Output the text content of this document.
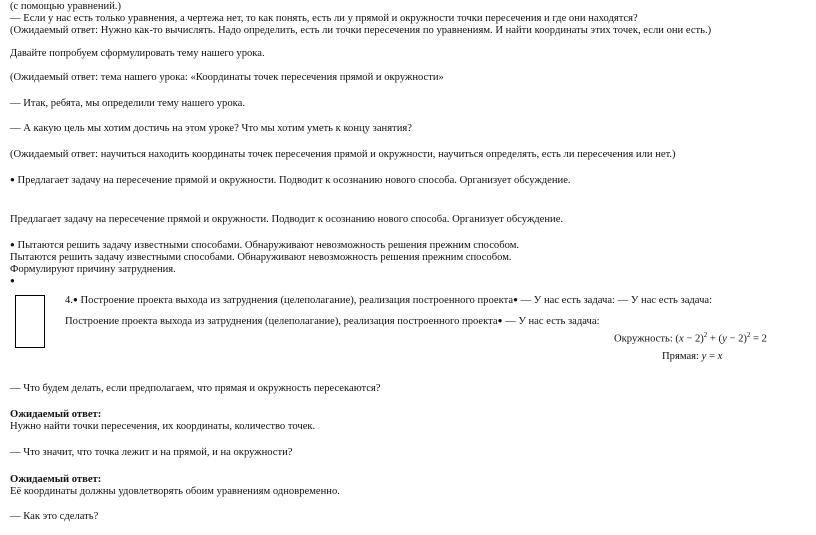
(с помощью уравнений.)
— Если у нас есть только уравнения, а чертежа нет, то как понять, есть ли у прямой и окружности точки пересечения и где они находятся?
(Ожидаемый ответ: Нужно как-то вычислять. Надо определить, есть ли точки пересечения по уравнениям. И найти координаты этих точек, если они есть.)
Давайте попробуем сформулировать тему нашего урока.
(Ожидаемый ответ: тема нашего урока: «Координаты точек пересечения прямой и окружности»
— Итак, ребята, мы определили тему нашего урока.
— А какую цель мы хотим достичь на этом уроке? Что мы хотим уметь к концу занятия?
(Ожидаемый ответ: научиться находить координаты точек пересечения прямой и окружности, научиться определять, есть ли пересечения или нет.)
● Предлагает задачу на пересечение прямой и окружности. Подводит к осознанию нового способа. Организует обсуждение.
Предлагает задачу на пересечение прямой и окружности. Подводит к осознанию нового способа. Организует обсуждение.
● Пытаются решить задачу известными способами. Обнаруживают невозможность решения прежним способом.
Пытаются решить задачу известными способами. Обнаруживают невозможность решения прежним способом.
Формулируют причину затруднения.
●
4.● Построение проекта выхода из затруднения (целеполагание), реализация построенного проекта● — У нас есть задача: — У нас есть задача:
Построение проекта выхода из затруднения (целеполагание), реализация построенного проекта● — У нас есть задача:
Окружность: $(x - 2)^2 + (y - 2)^2 = 2$
Прямая: y = x
— Что будем делать, если предполагаем, что прямая и окружность пересекаются?
Ожидаемый ответ:
Нужно найти точки пересечения, их координаты, количество точек.
— Что значит, что точка лежит и на прямой, и на окружности?
Ожидаемый ответ:
Её координаты должны удовлетворять обоим уравнениям одновременно.
— Как это сделать?
